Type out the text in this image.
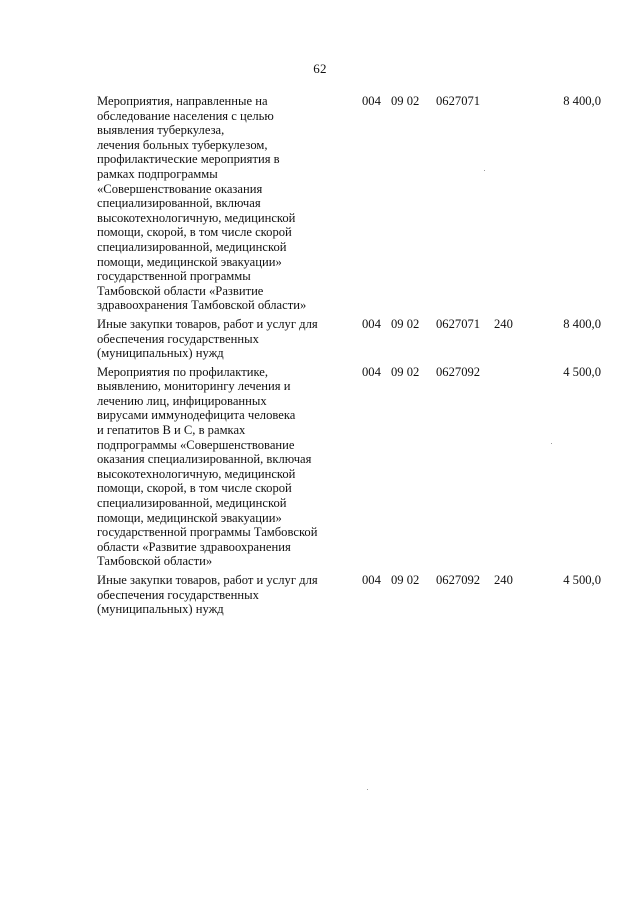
62
Мероприятия, направленные на
обследование населения с целью
выявления туберкулеза,
лечения больных туберкулезом,
профилактические мероприятия в
рамках подпрограммы
«Совершенствование оказания
специализированной, включая
высокотехнологичную, медицинской
помощи, скорой, в том числе скорой
специализированной, медицинской
помощи, медицинской эвакуации»
государственной программы
Тамбовской области «Развитие
здравоохранения Тамбовской области»
004 09 02 0627071	8 400,0
Иные закупки товаров, работ и услуг для
обеспечения государственных
(муниципальных) нужд
004 09 02 0627071 240	8 400,0
Мероприятия по профилактике,
выявлению, мониторингу лечения и
лечению лиц, инфицированных
вирусами иммунодефицита человека
и гепатитов В и С, в рамках
подпрограммы «Совершенствование
оказания специализированной, включая
высокотехнологичную, медицинской
помощи, скорой, в том числе скорой
специализированной, медицинской
помощи, медицинской эвакуации»
государственной программы Тамбовской
области «Развитие здравоохранения
Тамбовской области»
004 09 02 0627092	4 500,0
Иные закупки товаров, работ и услуг для
обеспечения государственных
(муниципальных) нужд
004 09 02 0627092 240	4 500,0
